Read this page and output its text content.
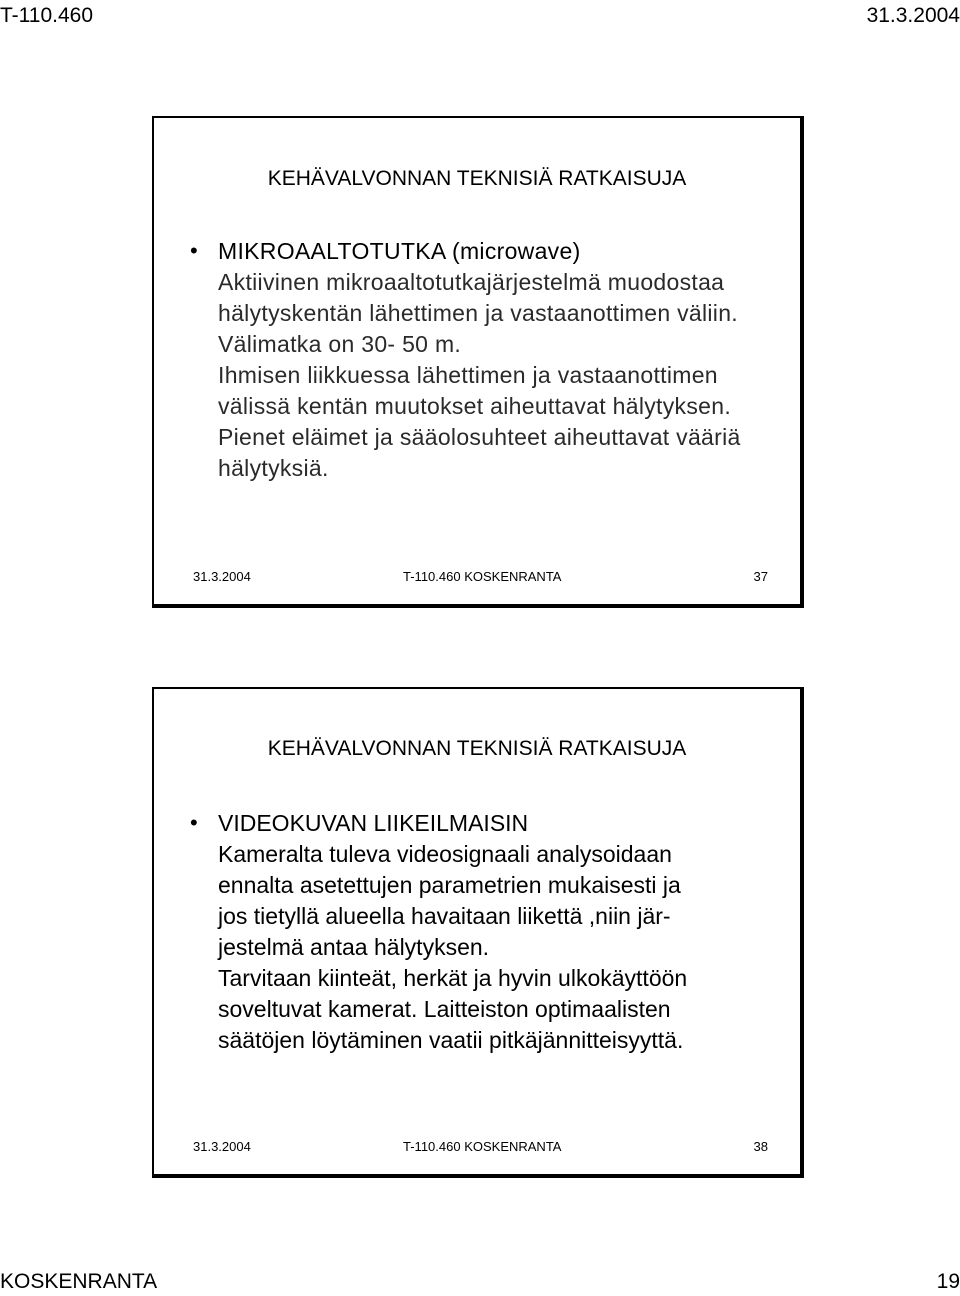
T-110.460	31.3.2004
KEHÄVALVONNAN TEKNISIÄ RATKAISUJA
• MIKROAALTOTUTKA (microwave)
Aktiivinen mikroaaltotutkajärjestelmä muodostaa
hälytyskentän lähettimen ja vastaanottimen väliin.
Välimatka on 30- 50 m.
Ihmisen liikkuessa lähettimen ja vastaanottimen
välissä kentän muutokset aiheuttavat hälytyksen.
Pienet eläimet ja sääolosuhteet aiheuttavat vääriä
hälytyksiä.
31.3.2004	T-110.460 KOSKENRANTA	37
KEHÄVALVONNAN TEKNISIÄ RATKAISUJA
• VIDEOKUVAN LIIKEILMAISIN
Kameralta tuleva videosignaali analysoidaan
ennalta asetettujen parametrien mukaisesti ja
jos tietyllä alueella havaitaan liikettä ,niin jär-
jestelmä antaa hälytyksen.
Tarvitaan kiinteät, herkät ja hyvin ulkokäyttöön
soveltuvat kamerat. Laitteiston optimaalisten
säätöjen löytäminen vaatii pitkäjännitteisyyttä.
31.3.2004	T-110.460 KOSKENRANTA	38
KOSKENRANTA	19
